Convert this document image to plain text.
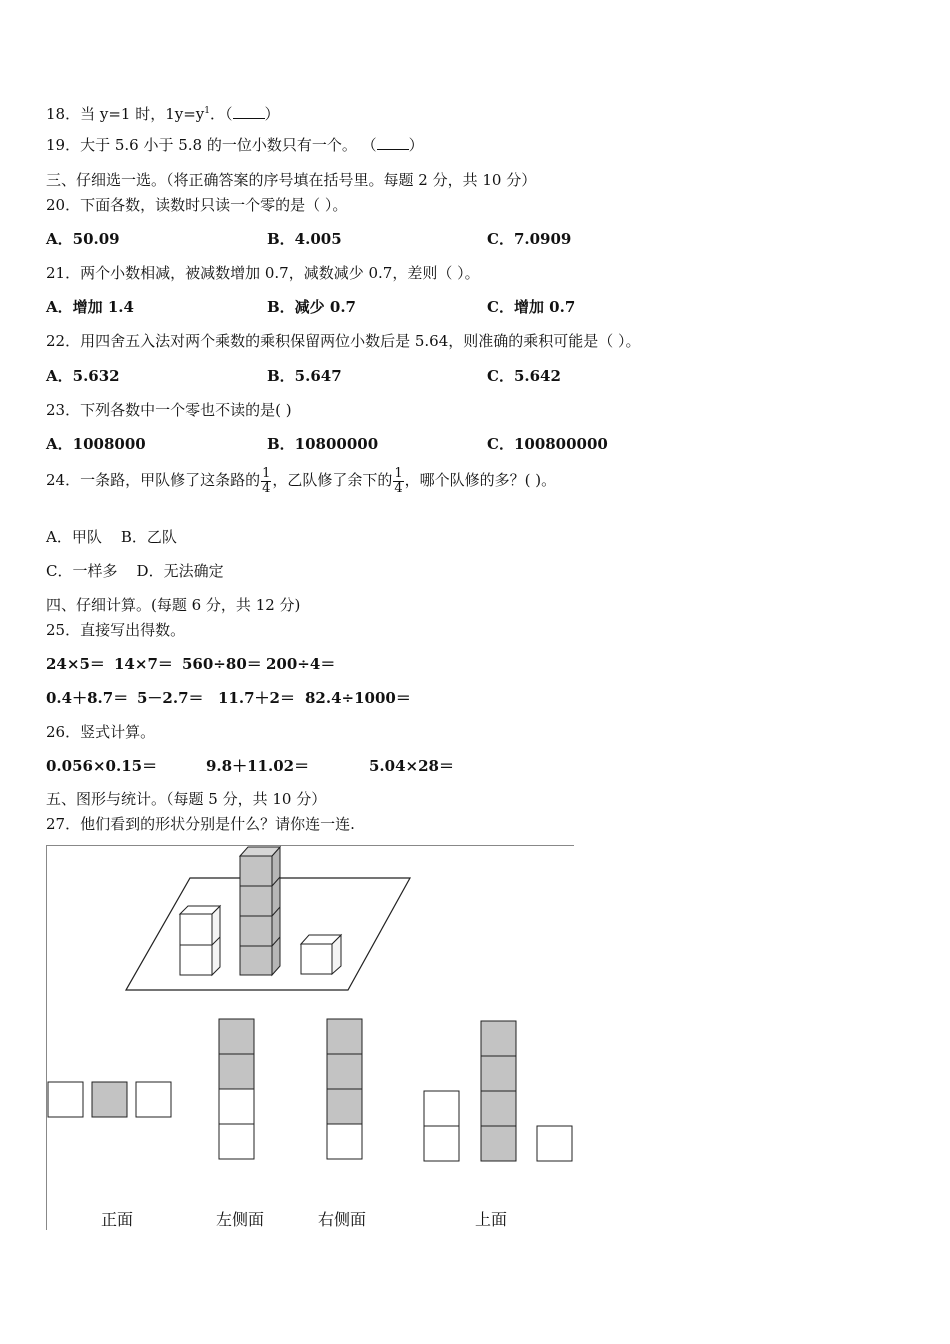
18．当 y=1 时，$1y=y^1$．（ ）
19．大于 5.6 小于 5.8 的一位小数只有一个。 （ ）
三、仔细选一选。（将正确答案的序号填在括号里。每题 2 分，共 10 分）
20．下面各数，读数时只读一个零的是（ ）。
A．50.09	B．4.005	C．7.0909
21．两个小数相减，被减数增加 0.7，减数减少 0.7，差则（ ）。
A．增加 1.4	B．减少 0.7	C．增加 0.7
22．用四舍五入法对两个乘数的乘积保留两位小数后是 5.64，则准确的乘积可能是（ ）。
A．5.632	B．5.647	C．5.642
23．下列各数中一个零也不读的是( )
A．1008000	B．10800000	C．100800000
24．一条路，甲队修了这条路的 $\frac{1}{4}$ ，乙队修了余下的 $\frac{1}{4}$ ，哪个队修的多？( )。
A．甲队    B．乙队
C．一样多    D．无法确定
四、仔细计算。(每题 6 分，共 12 分)
25．直接写出得数。
24×5＝ 14×7＝ 560÷80＝ 200÷4＝
0.4＋8.7＝ 5－2.7＝ 11.7＋2＝ 82.4÷1000＝
26．竖式计算。
0.056×0.15＝	9.8＋11.02＝	5.04×28＝
五、图形与统计。（每题 5 分，共 10 分）
27．他们看到的形状分别是什么？请你连一连.
正面	左侧面	右侧面	上面
